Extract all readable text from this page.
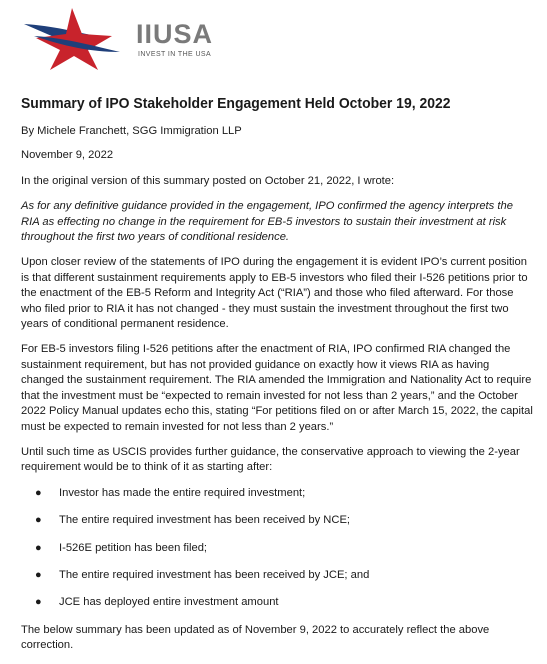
IIUSA
INVEST IN THE USA
Summary of IPO Stakeholder Engagement Held October 19, 2022
By Michele Franchett, SGG Immigration LLP
November 9, 2022
In the original version of this summary posted on October 21, 2022, I wrote:
As for any definitive guidance provided in the engagement, IPO confirmed the agency interprets the RIA as effecting no change in the requirement for EB-5 investors to sustain their investment at risk throughout the first two years of conditional residence.
Upon closer review of the statements of IPO during the engagement it is evident IPO’s current position is that different sustainment requirements apply to EB-5 investors who filed their I-526 petitions prior to the enactment of the EB-5 Reform and Integrity Act (“RIA”) and those who filed afterward. For those who filed prior to RIA it has not changed - they must sustain the investment throughout the first two years of conditional permanent residence.
For EB-5 investors filing I-526 petitions after the enactment of RIA, IPO confirmed RIA changed the sustainment requirement, but has not provided guidance on exactly how it views RIA as having changed the sustainment requirement. The RIA amended the Immigration and Nationality Act to require that the investment must be “expected to remain invested for not less than 2 years,” and the October 2022 Policy Manual updates echo this, stating “For petitions filed on or after March 15, 2022, the capital must be expected to remain invested for not less than 2 years.”
Until such time as USCIS provides further guidance, the conservative approach to viewing the 2-year requirement would be to think of it as starting after:
● Investor has made the entire required investment;
● The entire required investment has been received by NCE;
● I-526E petition has been filed;
● The entire required investment has been received by JCE; and
● JCE has deployed entire investment amount
The below summary has been updated as of November 9, 2022 to accurately reflect the above correction.
